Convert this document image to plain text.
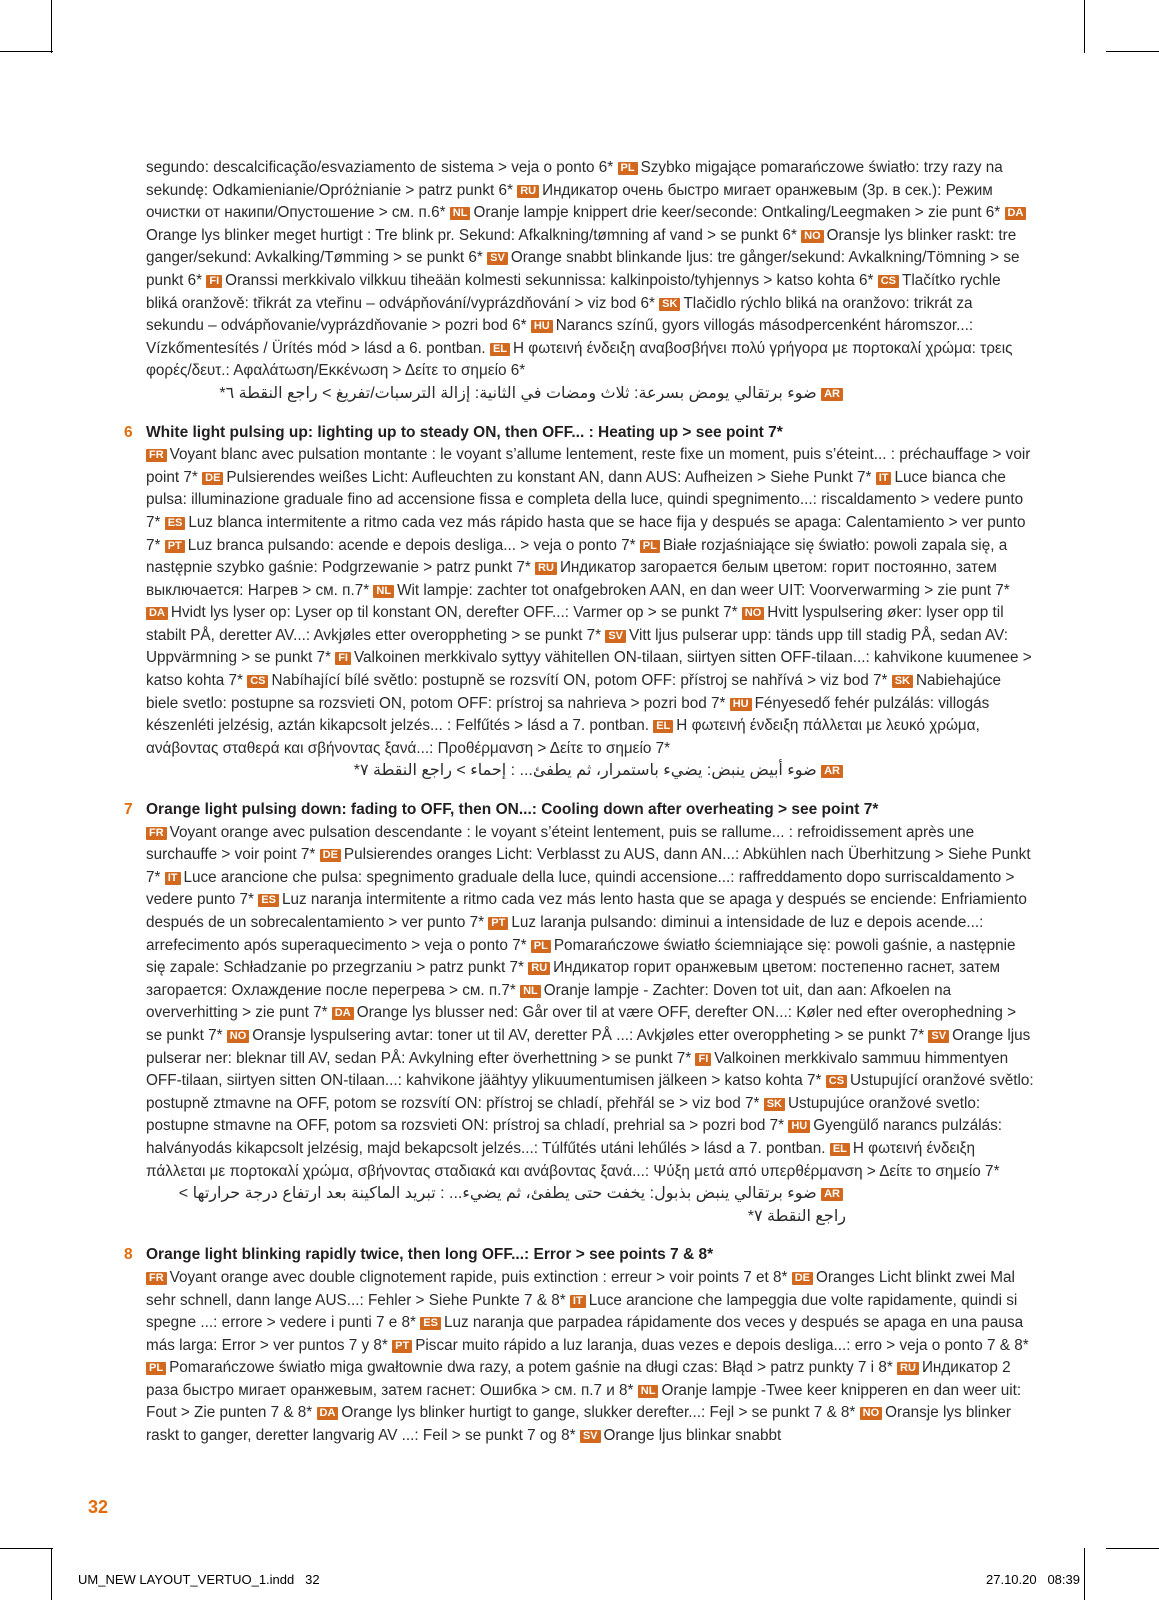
segundo: descalcificação/esvaziamento de sistema > veja o ponto 6* PL Szybko migające pomarańczowe światło: trzy razy na sekundę: Odkamienianie/Opróżnianie > patrz punkt 6* RU Индикатор очень быстро мигает оранжевым (3р. в сек.): Режим очистки от накипи/Опустошение > см. п.6* NL Oranje lampje knippert drie keer/seconde: Ontkaling/Leegmaken > zie punt 6* DAOrange lys blinker meget hurtigt : Tre blink pr. Sekund: Afkalkning/tømning af vand > se punkt 6* NO Oransje lys blinker raskt: tre ganger/sekund: Avkalking/Tømming > se punkt 6* SV Orange snabbt blinkande ljus: tre gånger/sekund: Avkalkning/Tömning > se punkt 6* FI Oranssi merkkivalo vilkkuu tiheään kolmesti sekunnissa: kalkinpoisto/tyhjennys > katso kohta 6* CS Tlačítko rychle bliká oranžově: třikrát za vteřinu – odvápňování/vyprázdňování > viz bod 6* SK Tlačidlo rýchlo bliká na oranžovo: trikrát za sekundu – odvápňovanie/vyprázdňovanie > pozri bod 6* HU Narancs színű, gyors villogás másodpercenként háromszor...: Vízkőmentesítés / Ürítés mód > lásd a 6. pontban. EL Η φωτεινή ένδειξη αναβοσβήνει πολύ γρήγορα με πορτοκαλί χρώμα: τρεις φορές/δευτ.: Αφαλάτωση/Εκκένωση > Δείτε το σημείο 6*
AR ضوء برتقالي يومض بسرعة: ثلاث ومضات في الثانية: إزالة الترسبات/تفريغ > راجع النقطة ٦*

6 White light pulsing up: lighting up to steady ON, then OFF... : Heating up > see point 7*

FR Voyant blanc avec pulsation montante : le voyant s’allume lentement, reste fixe un moment, puis s’éteint... : préchauffage > voir point 7* DE Pulsierendes weißes Licht: Aufleuchten zu konstant AN, dann AUS: Aufheizen > Siehe Punkt 7* IT Luce bianca che pulsa: illuminazione graduale fino ad accensione fissa e completa della luce, quindi spegnimento...: riscaldamento > vedere punto 7* ES Luz blanca intermitente a ritmo cada vez más rápido hasta que se hace fija y después se apaga: Calentamiento > ver punto 7* PT Luz branca pulsando: acende e depois desliga... > veja o ponto 7* PL Białe rozjaśniające się światło: powoli zapala się, a następnie szybko gaśnie: Podgrzewanie > patrz punkt 7* RU Индикатор загорается белым цветом: горит постоянно, затем выключается: Нагрев > см. п.7* NL Wit lampje: zachter tot onafgebroken AAN, en dan weer UIT: Voorverwarming > zie punt 7* DA Hvidt lys lyser op: Lyser op til konstant ON, derefter OFF...: Varmer op > se punkt 7* NO Hvitt lyspulsering øker: lyser opp til stabilt PÅ, deretter AV...: Avkjøles etter overoppheting > se punkt 7* SV Vitt ljus pulserar upp: tänds upp till stadig PÅ, sedan AV: Uppvärmning > se punkt 7* FI Valkoinen merkkivalo syttyy vähitellen ON-tilaan, siirtyen sitten OFF-tilaan...: kahvikone kuumenee > katso kohta 7* CS Nabíhající bílé světlo: postupně se rozsvítí ON, potom OFF: přístroj se nahřívá > viz bod 7* SK Nabiehajúce biele svetlo: postupne sa rozsvieti ON, potom OFF: prístroj sa nahrieva > pozri bod 7* HU Fényesedő fehér pulzálás: villogás készenléti jelzésig, aztán kikapcsolt jelzés... : Felfűtés > lásd a 7. pontban. EL Η φωτεινή ένδειξη πάλλεται με λευκό χρώμα, ανάβοντας σταθερά και σβήνοντας ξανά...: Προθέρμανση > Δείτε το σημείο 7*
AR ضوء أبيض ينبض: يضيء باستمرار، ثم يطفئ... : إحماء > راجع النقطة ٧*

7 Orange light pulsing down: fading to OFF, then ON...: Cooling down after overheating > see point 7*

FR Voyant orange avec pulsation descendante : le voyant s’éteint lentement, puis se rallume... : refroidissement après une surchauffe > voir point 7* DE Pulsierendes oranges Licht: Verblasst zu AUS, dann AN...: Abkühlen nach Überhitzung > Siehe Punkt 7* IT Luce arancione che pulsa: spegnimento graduale della luce, quindi accensione...: raffreddamento dopo surriscaldamento > vedere punto 7* ES Luz naranja intermitente a ritmo cada vez más lento hasta que se apaga y después se enciende: Enfriamiento después de un sobrecalentamiento > ver punto 7* PT Luz laranja pulsando: diminui a intensidade de luz e depois acende...: arrefecimento após superaquecimento > veja o ponto 7* PL Pomarańczowe światło ściemniające się: powoli gaśnie, a następnie się zapale: Schładzanie po przegrzaniu > patrz punkt 7* RU Индикатор горит оранжевым цветом: постепенно гаснет, затем загорается: Охлаждение после перегрева > см. п.7* NL Oranje lampje - Zachter: Doven tot uit, dan aan: Afkoelen na oververhitting > zie punt 7* DA Orange lys blusser ned: Går over til at være OFF, derefter ON...: Køler ned efter overophedning > se punkt 7* NO Oransje lyspulsering avtar: toner ut til AV, deretter PÅ ...: Avkjøles etter overoppheting > se punkt 7* SV Orange ljus pulserar ner: bleknar till AV, sedan PÅ: Avkylning efter överhettning > se punkt 7* FI Valkoinen merkkivalo sammuu himmentyen OFF-tilaan, siirtyen sitten ON-tilaan...: kahvikone jäähtyy ylikuumentumisen jälkeen > katso kohta 7* CS Ustupující oranžové světlo: postupně ztmavne na OFF, potom se rozsvítí ON: přístroj se chladí, přehřál se > viz bod 7* SK Ustupujúce oranžové svetlo: postupne stmavne na OFF, potom sa rozsvieti ON: prístroj sa chladí, prehrial sa > pozri bod 7* HU Gyengülő narancs pulzálás: halványodás kikapcsolt jelzésig, majd bekapcsolt jelzés...: Túlfűtés utáni lehűlés > lásd a 7. pontban. EL Η φωτεινή ένδειξη πάλλεται με πορτοκαλί χρώμα, σβήνοντας σταδιακά και ανάβοντας ξανά...: Ψύξη μετά από υπερθέρμανση > Δείτε το σημείο 7*
AR ضوء برتقالي ينبض بذبول: يخفت حتى يطفئ، ثم يضيء... : تبريد الماكينة بعد ارتفاع درجة حرارتها > راجع النقطة ٧*

8 Orange light blinking rapidly twice, then long OFF...: Error > see points 7 & 8*

FR Voyant orange avec double clignotement rapide, puis extinction : erreur > voir points 7 et 8* DE Oranges Licht blinkt zwei Mal sehr schnell, dann lange AUS...: Fehler > Siehe Punkte 7 & 8* IT Luce arancione che lampeggia due volte rapidamente, quindi si spegne ...: errore > vedere i punti 7 e 8* ES Luz naranja que parpadea rápidamente dos veces y después se apaga en una pausa más larga: Error > ver puntos 7 y 8* PT Piscar muito rápido a luz laranja, duas vezes e depois desliga...: erro > veja o ponto 7 & 8* PL Pomarańczowe światło miga gwałtownie dwa razy, a potem gaśnie na długi czas: Błąd > patrz punkty 7 i 8* RU Индикатор 2 раза быстро мигает оранжевым, затем гаснет: Ошибка > см. п.7 и 8* NL Oranje lampje -Twee keer knipperen en dan weer uit: Fout > Zie punten 7 & 8* DA Orange lys blinker hurtigt to gange, slukker derefter...: Fejl > se punkt 7 & 8* NO Oransje lys blinker raskt to ganger, deretter langvarig AV ...: Feil > se punkt 7 og 8* SV Orange ljus blinkar snabbt

32
UM_NEW LAYOUT_VERTUO_1.indd   32	27.10.20   08:39
